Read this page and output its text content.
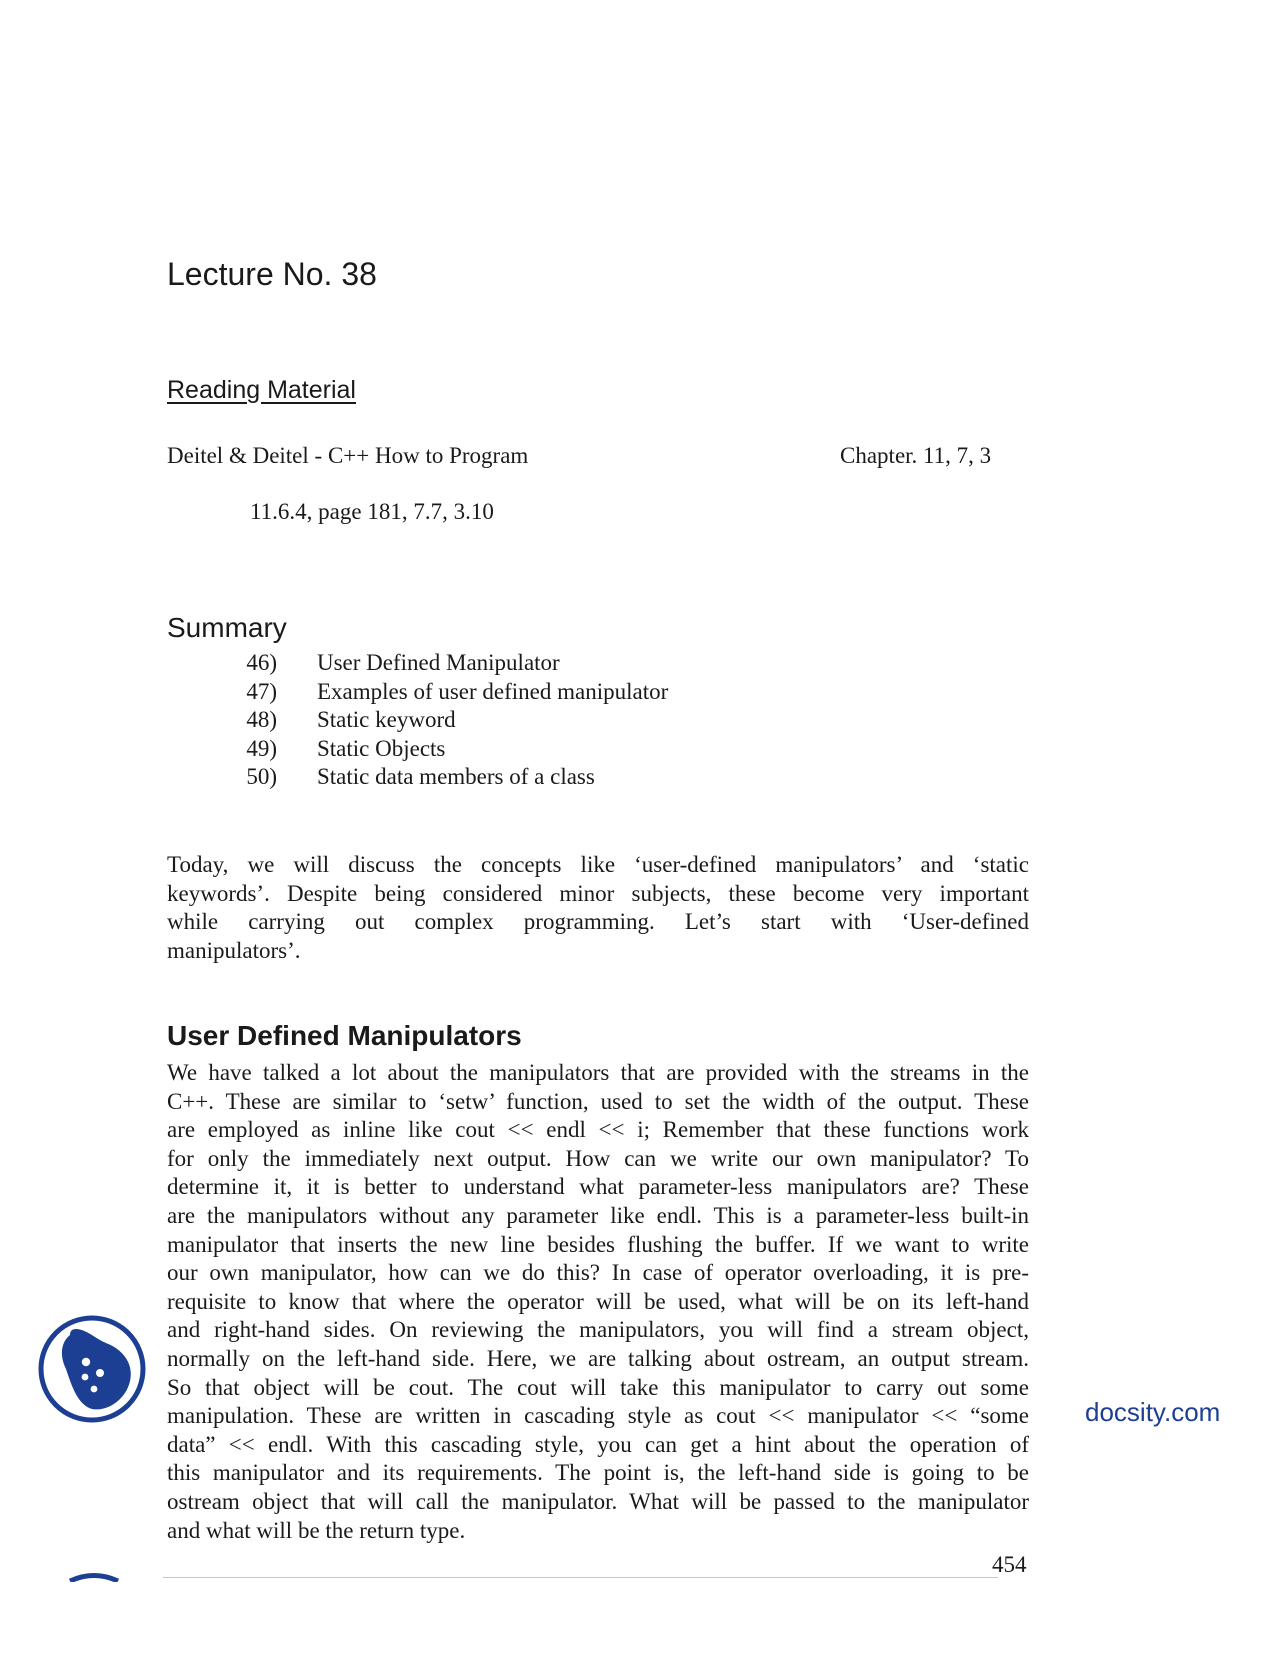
Lecture No. 38
Reading Material
Deitel & Deitel - C++ How to Program	Chapter. 11, 7, 3
11.6.4, page 181, 7.7, 3.10
Summary
46) User Defined Manipulator
47) Examples of user defined manipulator
48) Static keyword
49) Static Objects
50) Static data members of a class
Today, we will discuss the concepts like ‘user-defined manipulators’ and ‘static
keywords’. Despite being considered minor subjects, these become very important
while carrying out complex programming. Let’s start with ‘User-defined
manipulators’.
User Defined Manipulators
We have talked a lot about the manipulators that are provided with the streams in the
C++. These are similar to ‘setw’ function, used to set the width of the output. These
are employed as inline like cout << endl << i; Remember that these functions work
for only the immediately next output. How can we write our own manipulator? To
determine it, it is better to understand what parameter-less manipulators are? These
are the manipulators without any parameter like endl. This is a parameter-less built-in
manipulator that inserts the new line besides flushing the buffer. If we want to write
our own manipulator, how can we do this? In case of operator overloading, it is pre-
requisite to know that where the operator will be used, what will be on its left-hand
and right-hand sides. On reviewing the manipulators, you will find a stream object,
normally on the left-hand side. Here, we are talking about ostream, an output stream.
So that object will be cout. The cout will take this manipulator to carry out some
manipulation. These are written in cascading style as cout << manipulator << “some
data” << endl. With this cascading style, you can get a hint about the operation of
this manipulator and its requirements. The point is, the left-hand side is going to be
ostream object that will call the manipulator. What will be passed to the manipulator
and what will be the return type.
454
docsity.com
